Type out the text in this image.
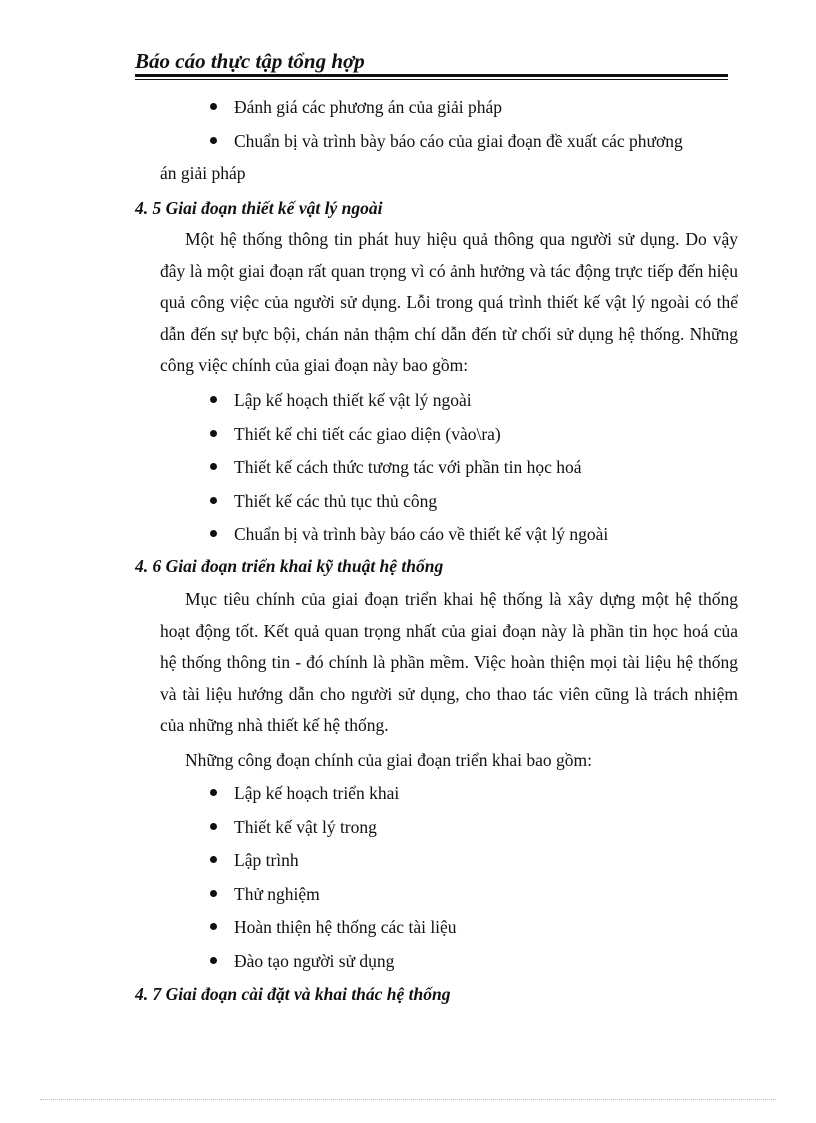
Báo cáo thực tập tổng hợp
Đánh giá các phương án của giải pháp
Chuẩn bị và trình bày báo cáo của giai đoạn đề xuất các phương
án giải pháp
4. 5 Giai đoạn thiết kế vật lý ngoài
Một hệ thống thông tin phát huy hiệu quả thông qua người sử dụng. Do vậy đây là một giai đoạn rất quan trọng vì có ảnh hưởng và tác động trực tiếp đến hiệu quả công việc của người sử dụng. Lỗi trong quá trình thiết kế vật lý ngoài có thể dẫn đến sự bực bội, chán nản thậm chí dẫn đến từ chối sử dụng hệ thống. Những công việc chính của giai đoạn này bao gồm:
Lập kế hoạch thiết kế vật lý ngoài
Thiết kế chi tiết các giao diện (vào\ra)
Thiết kế cách thức tương tác với phần tin học hoá
Thiết kế các thủ tục thủ công
Chuẩn bị và trình bày báo cáo về thiết kế vật lý ngoài
4. 6 Giai đoạn triển khai kỹ thuật hệ thống
Mục tiêu chính của giai đoạn triển khai hệ thống là xây dựng một hệ thống hoạt động tốt. Kết quả quan trọng nhất của giai đoạn này là phần tin học hoá của hệ thống thông tin - đó chính là phần mềm. Việc hoàn thiện mọi tài liệu hệ thống và tài liệu hướng dẫn cho người sử dụng, cho thao tác viên cũng là trách nhiệm của những nhà thiết kế hệ thống.
Những công đoạn chính của giai đoạn triển khai bao gồm:
Lập kế hoạch triển khai
Thiết kế vật lý trong
Lập trình
Thử nghiệm
Hoàn thiện hệ thống các tài liệu
Đào tạo người sử dụng
4. 7 Giai đoạn cài đặt và khai thác hệ thống
